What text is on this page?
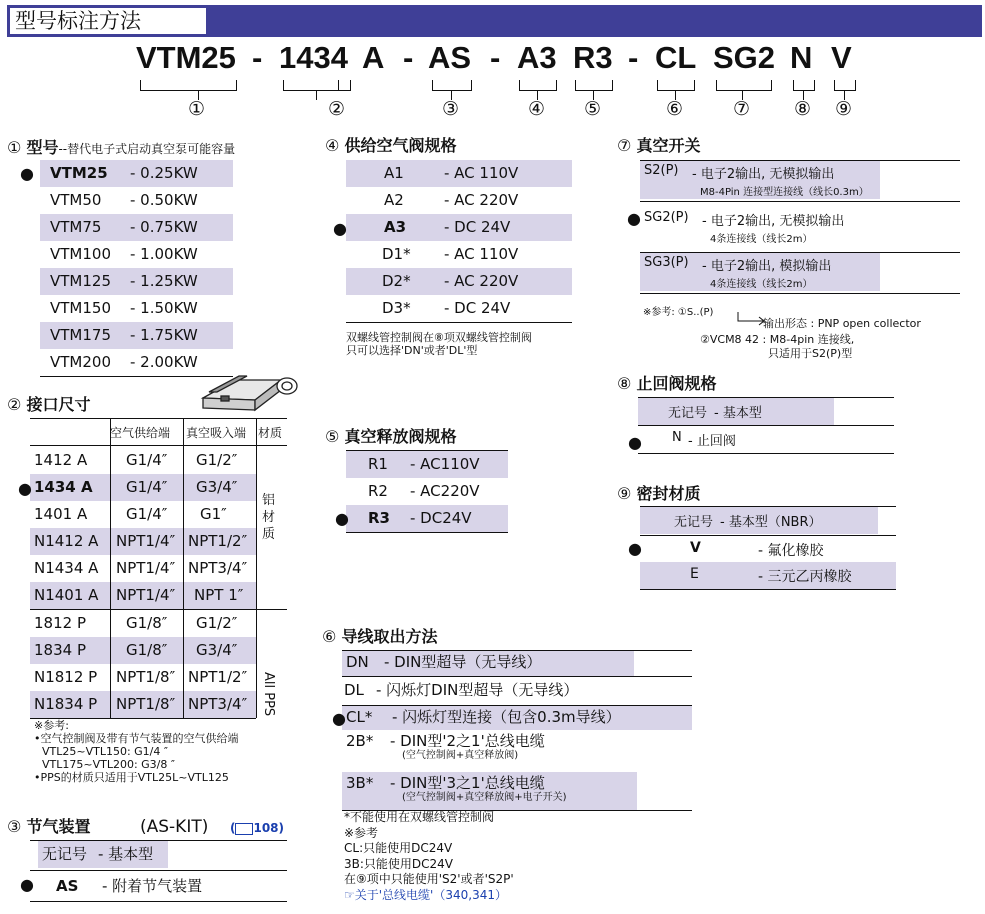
型号标注方法
VTM25 - 1434 A - AS - A3 R3 - CL SG2 N V
①	②	③	④ ⑤	⑥	⑦ ⑧ ⑨
① 型号--替代电子式启动真空泵可能容量
VTM25 - 0.25KW
VTM50 - 0.50KW
VTM75 - 0.75KW
VTM100 - 1.00KW
VTM125 - 1.25KW
VTM150 - 1.50KW
VTM175 - 1.75KW
VTM200 - 2.00KW
●
② 接口尺寸
空气供给端 真空吸入端 材质
1412 A	G1/4″ G1/2″
1434 A G1/4″ G3/4″
1401 A	G1/4″ G1″
N1412 A NPT1/4″ NPT1/2″
N1434 A NPT1/4″ NPT3/4″
N1401 A NPT1/4″ NPT 1″
1812 P	G1/8″ G1/2″
1834 P	G1/8″ G3/4″
N1812 P NPT1/8″ NPT1/2″
N1834 P NPT1/8″ NPT3/4″
铝材质
All PPS
●
※参考:
•空气控制阀及带有节气装置的空气供给端
VTL25~VTL150: G1/4 ″
VTL175~VTL200: G3/8 ″
•PPS的材质只适用于VTL25L~VTL125
③ 节气装置	(AS-KIT) ( 108)
无记号 - 基本型
AS - 附着节气装置
●
④ 供给空气阀规格
A1	- AC 110V
A2	- AC 220V
A3	- DC 24V
D1* - AC 110V
D2* - AC 220V
D3* - DC 24V
●
双螺线管控制阀在⑧项双螺线管控制阀
只可以选择'DN'或者'DL'型
⑤ 真空释放阀规格
R1 - AC110V
R2 - AC220V
R3 - DC24V
●
⑥ 导线取出方法
DN - DIN型超导（无导线）
DL - 闪烁灯DIN型超导（无导线）
CL* - 闪烁灯型连接（包含0.3m导线）
2B* - DIN型'2之1'总线电缆
(空气控制阀+真空释放阀)
3B* - DIN型'3之1'总线电缆
(空气控制阀+真空释放阀+电子开关)
●
*不能使用在双螺线管控制阀
※参考
CL:只能使用DC24V
3B:只能使用DC24V
在⑨项中只能使用'S2'或者'S2P'
☞关于'总线电缆'（340,341）
⑦ 真空开关
S2(P) - 电子2输出, 无模拟输出
M8-4Pin 连接型连接线（线长0.3m）
SG2(P) - 电子2输出, 无模拟输出
4条连接线（线长2m）
SG3(P) - 电子2输出, 模拟输出
4条连接线（线长2m）
●
※参考: ①S..(P)
输出形态 : PNP open collector
②VCM8 42 : M8-4pin 连接线,
只适用于S2(P)型
⑧ 止回阀规格
无记号 - 基本型
N - 止回阀
●
⑨ 密封材质
无记号 - 基本型（NBR）
V	- 氟化橡胶
E	- 三元乙丙橡胶
●
